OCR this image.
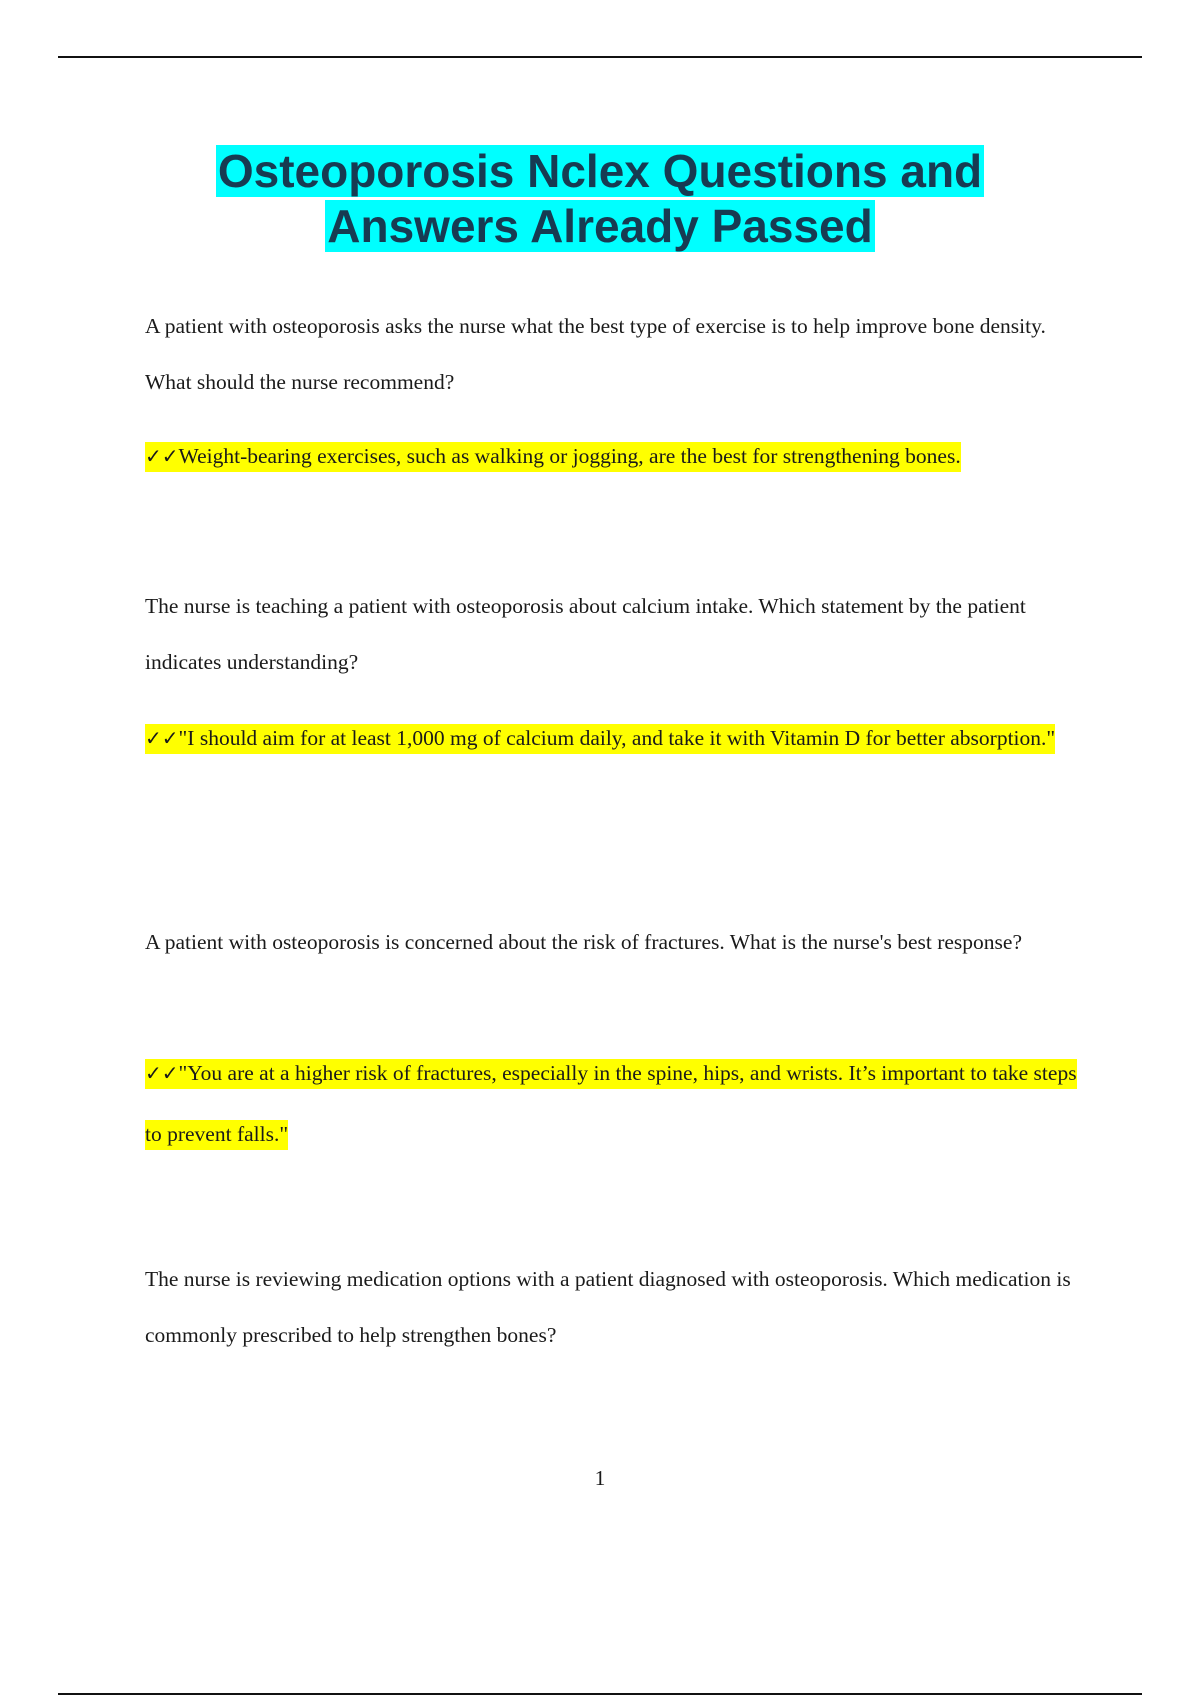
Osteoporosis Nclex Questions and
Answers Already Passed

A patient with osteoporosis asks the nurse what the best type of exercise is to help improve bone density. What should the nurse recommend?

✓✓Weight-bearing exercises, such as walking or jogging, are the best for strengthening bones.

The nurse is teaching a patient with osteoporosis about calcium intake. Which statement by the patient indicates understanding?

✓✓"I should aim for at least 1,000 mg of calcium daily, and take it with Vitamin D for better absorption."

A patient with osteoporosis is concerned about the risk of fractures. What is the nurse's best response?

✓✓"You are at a higher risk of fractures, especially in the spine, hips, and wrists. It’s important to take steps to prevent falls."

The nurse is reviewing medication options with a patient diagnosed with osteoporosis. Which medication is commonly prescribed to help strengthen bones?

1
